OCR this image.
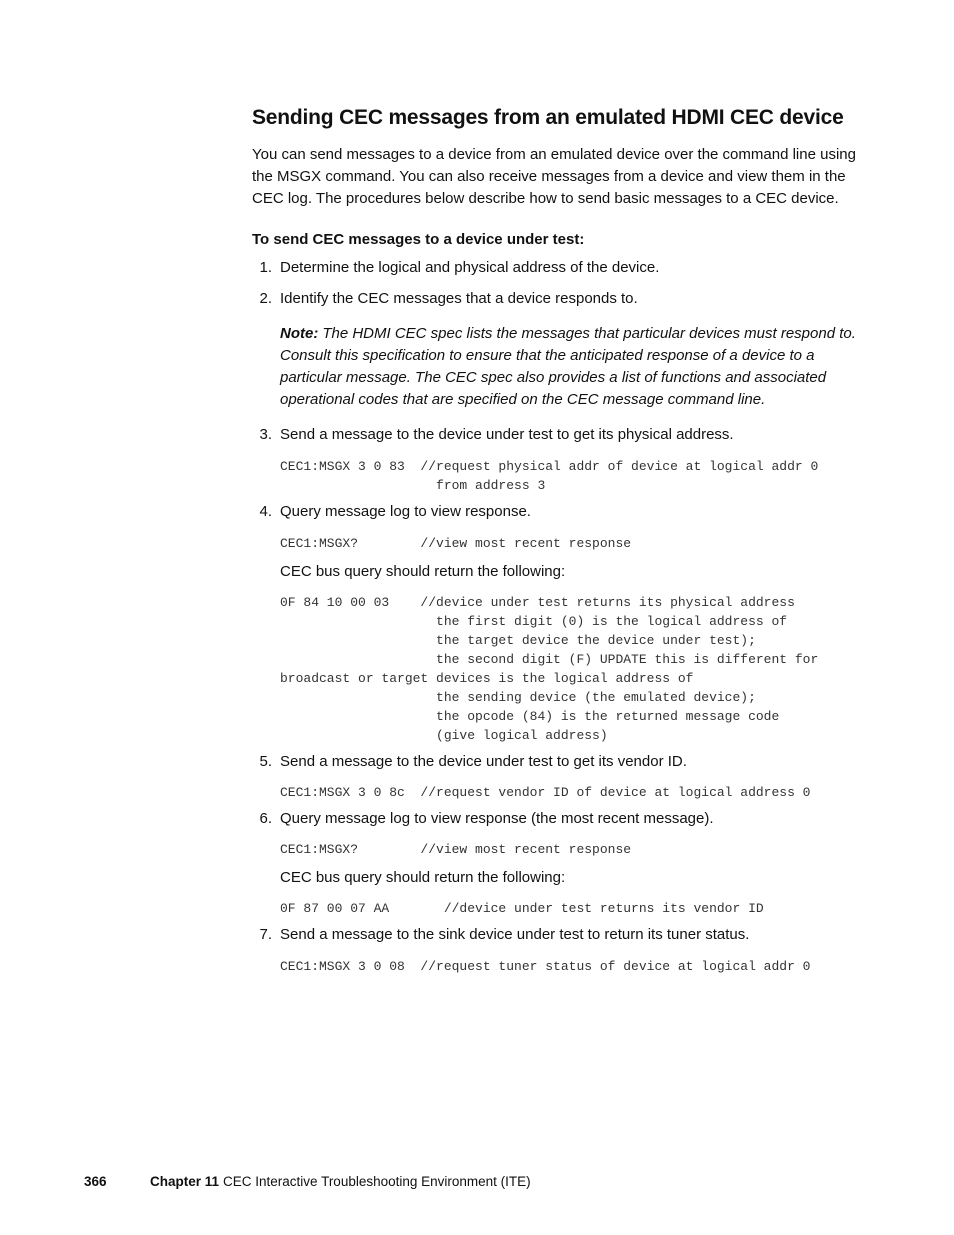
Sending CEC messages from an emulated HDMI CEC device

You can send messages to a device from an emulated device over the command line using the MSGX command. You can also receive messages from a device and view them in the CEC log. The procedures below describe how to send basic messages to a CEC device.

To send CEC messages to a device under test:

1. Determine the logical and physical address of the device.
2. Identify the CEC messages that a device responds to.

Note: The HDMI CEC spec lists the messages that particular devices must respond to. Consult this specification to ensure that the anticipated response of a device to a particular message. The CEC spec also provides a list of functions and associated operational codes that are specified on the CEC message command line.

3. Send a message to the device under test to get its physical address.
CEC1:MSGX 3 0 83  //request physical addr of device at logical addr 0
from address 3
4. Query message log to view response.
CEC1:MSGX?        //view most recent response
CEC bus query should return the following:
0F 84 10 00 03    //device under test returns its physical address
the first digit (0) is the logical address of
the target device the device under test);
the second digit (F) UPDATE this is different for
broadcast or target devices is the logical address of
the sending device (the emulated device);
the opcode (84) is the returned message code
(give logical address)
5. Send a message to the device under test to get its vendor ID.
CEC1:MSGX 3 0 8c  //request vendor ID of device at logical address 0
6. Query message log to view response (the most recent message).
CEC1:MSGX?        //view most recent response
CEC bus query should return the following:
0F 87 00 07 AA       //device under test returns its vendor ID
7. Send a message to the sink device under test to return its tuner status.
CEC1:MSGX 3 0 08  //request tuner status of device at logical addr 0
366	Chapter 11 CEC Interactive Troubleshooting Environment (ITE)
